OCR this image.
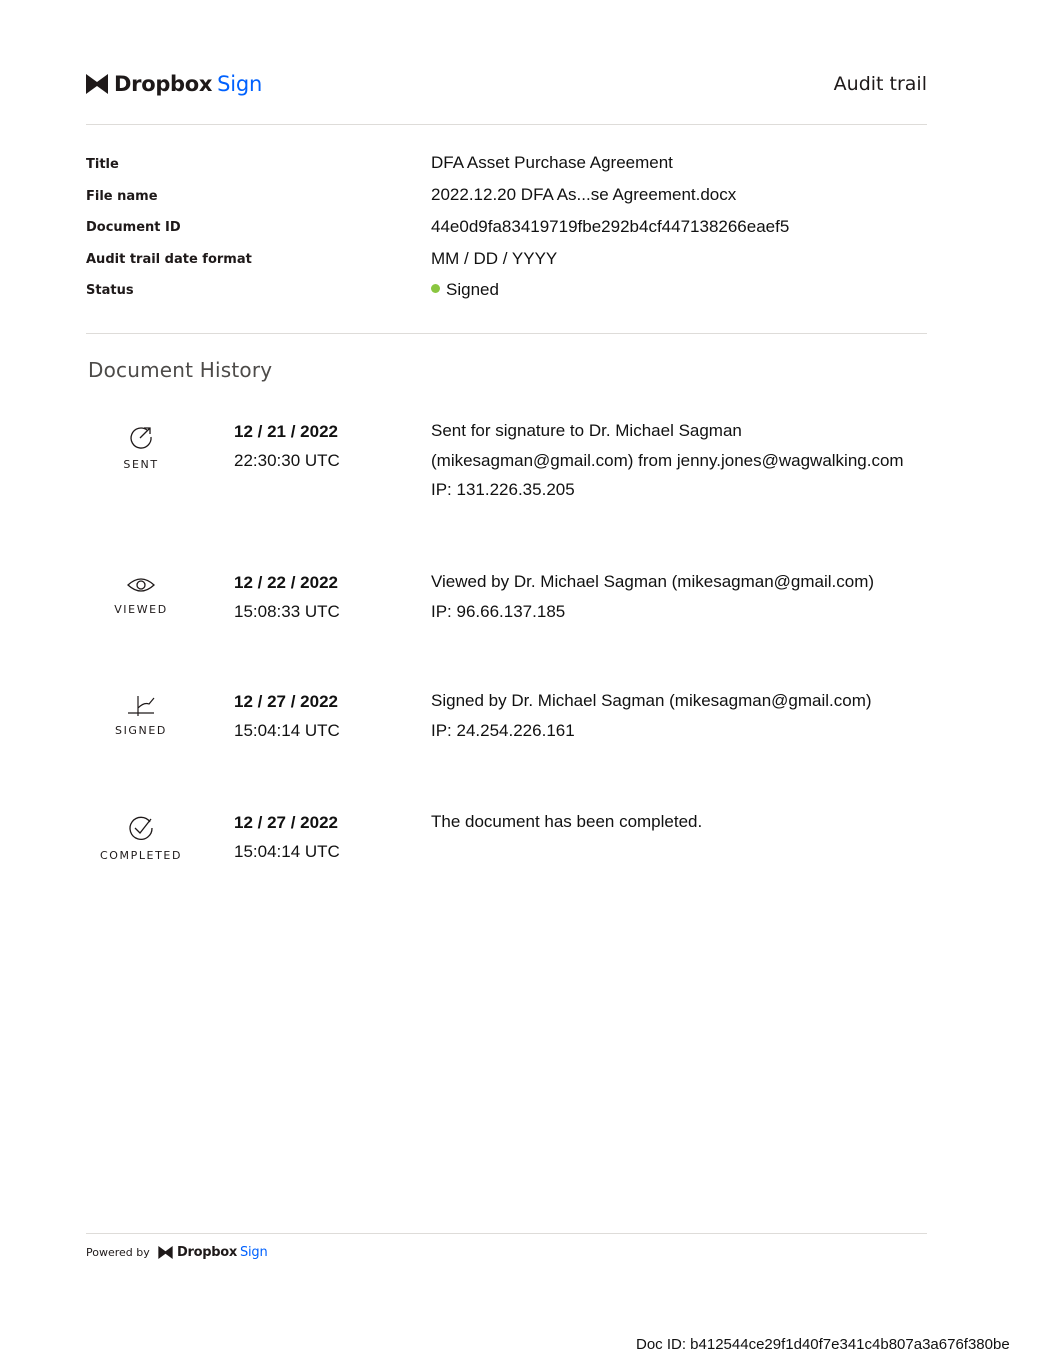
Dropbox Sign	Audit trail
Title	DFA Asset Purchase Agreement
File name	2022.12.20 DFA As...se Agreement.docx
Document ID	44e0d9fa83419719fbe292b4cf447138266eaef5
Audit trail date format	MM / DD / YYYY
Status	Signed
Document History
SENT
12 / 21 / 2022
22:30:30 UTC
Sent for signature to Dr. Michael Sagman
(mikesagman@gmail.com) from jenny.jones@wagwalking.com
IP: 131.226.35.205
VIEWED
12 / 22 / 2022
15:08:33 UTC
Viewed by Dr. Michael Sagman (mikesagman@gmail.com)
IP: 96.66.137.185
SIGNED
12 / 27 / 2022
15:04:14 UTC
Signed by Dr. Michael Sagman (mikesagman@gmail.com)
IP: 24.254.226.161
COMPLETED
12 / 27 / 2022
15:04:14 UTC
The document has been completed.
Powered by Dropbox Sign
Doc ID: b412544ce29f1d40f7e341c4b807a3a676f380be
